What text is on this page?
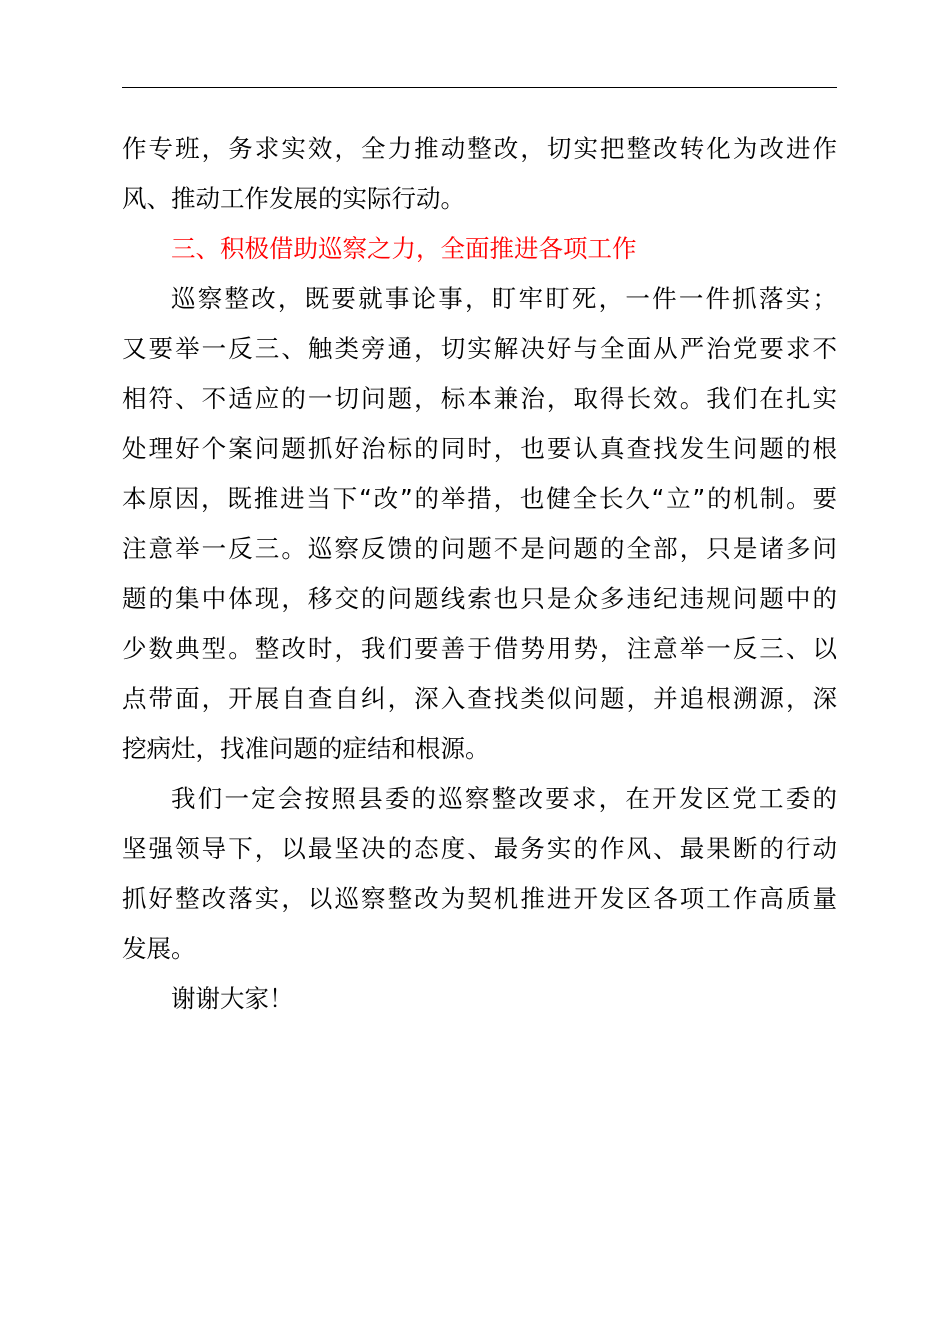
作专班，务求实效，全力推动整改，切实把整改转化为改进作
风、推动工作发展的实际行动。
三、积极借助巡察之力，全面推进各项工作
巡察整改，既要就事论事，盯牢盯死，一件一件抓落实；
又要举一反三、触类旁通，切实解决好与全面从严治党要求不
相符、不适应的一切问题，标本兼治，取得长效。我们在扎实
处理好个案问题抓好治标的同时，也要认真查找发生问题的根
本原因，既推进当下“改”的举措，也健全长久“立”的机制。要
注意举一反三。巡察反馈的问题不是问题的全部，只是诸多问
题的集中体现，移交的问题线索也只是众多违纪违规问题中的
少数典型。整改时，我们要善于借势用势，注意举一反三、以
点带面，开展自查自纠，深入查找类似问题，并追根溯源，深
挖病灶，找准问题的症结和根源。
我们一定会按照县委的巡察整改要求，在开发区党工委的
坚强领导下，以最坚决的态度、最务实的作风、最果断的行动
抓好整改落实，以巡察整改为契机推进开发区各项工作高质量
发展。
谢谢大家！
